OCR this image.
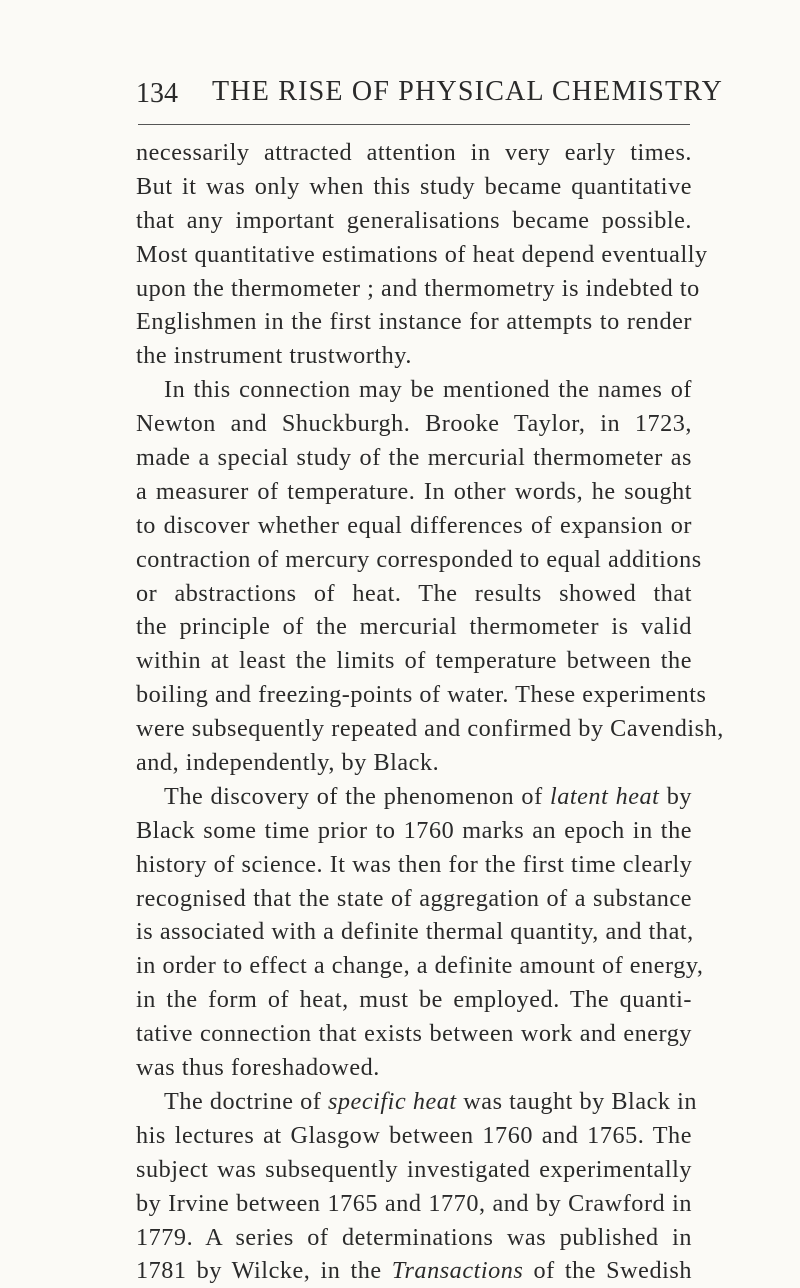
134 THE RISE OF PHYSICAL CHEMISTRY
necessarily attracted attention in very early times.
But it was only when this study became quantitative
that any important generalisations became possible.
Most quantitative estimations of heat depend eventually
upon the thermometer ; and thermometry is indebted to
Englishmen in the first instance for attempts to render
the instrument trustworthy.
In this connection may be mentioned the names of
Newton and Shuckburgh. Brooke Taylor, in 1723,
made a special study of the mercurial thermometer as
a measurer of temperature. In other words, he sought
to discover whether equal differences of expansion or
contraction of mercury corresponded to equal additions
or abstractions of heat. The results showed that
the principle of the mercurial thermometer is valid
within at least the limits of temperature between the
boiling and freezing-points of water. These experiments
were subsequently repeated and confirmed by Cavendish,
and, independently, by Black.
The discovery of the phenomenon of latent heat by
Black some time prior to 1760 marks an epoch in the
history of science. It was then for the first time clearly
recognised that the state of aggregation of a substance
is associated with a definite thermal quantity, and that,
in order to effect a change, a definite amount of energy,
in the form of heat, must be employed. The quanti-
tative connection that exists between work and energy
was thus foreshadowed.
The doctrine of specific heat was taught by Black in
his lectures at Glasgow between 1760 and 1765. The
subject was subsequently investigated experimentally
by Irvine between 1765 and 1770, and by Crawford in
1779. A series of determinations was published in
1781 by Wilcke, in the Transactions of the Swedish
